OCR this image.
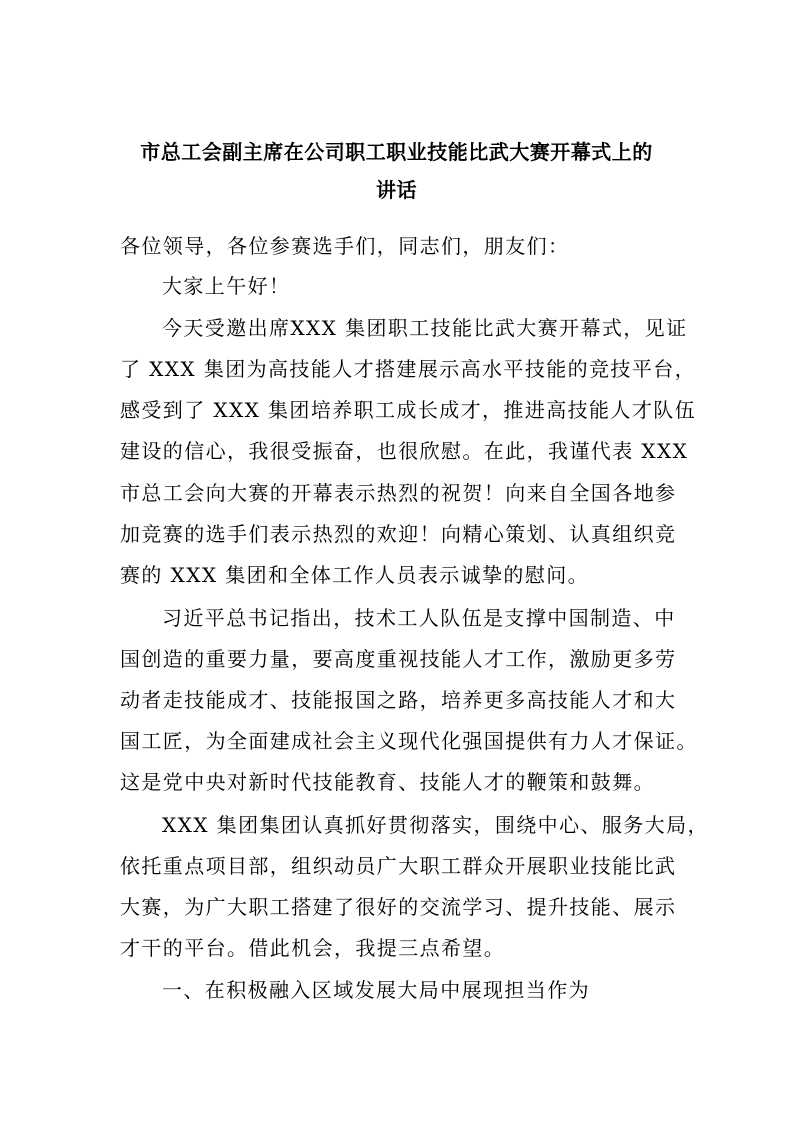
市总工会副主席在公司职工职业技能比武大赛开幕式上的
讲话
各位领导，各位参赛选手们，同志们，朋友们：
大家上午好！
今天受邀出席XXX 集团职工技能比武大赛开幕式，见证
了 XXX 集团为高技能人才搭建展示高水平技能的竞技平台，
感受到了 XXX 集团培养职工成长成才，推进高技能人才队伍
建设的信心，我很受振奋，也很欣慰。在此，我谨代表 XXX
市总工会向大赛的开幕表示热烈的祝贺！向来自全国各地参
加竞赛的选手们表示热烈的欢迎！向精心策划、认真组织竞
赛的 XXX 集团和全体工作人员表示诚挚的慰问。
习近平总书记指出，技术工人队伍是支撑中国制造、中
国创造的重要力量，要高度重视技能人才工作，激励更多劳
动者走技能成才、技能报国之路，培养更多高技能人才和大
国工匠，为全面建成社会主义现代化强国提供有力人才保证。
这是党中央对新时代技能教育、技能人才的鞭策和鼓舞。
XXX 集团集团认真抓好贯彻落实，围绕中心、服务大局，
依托重点项目部，组织动员广大职工群众开展职业技能比武
大赛，为广大职工搭建了很好的交流学习、提升技能、展示
才干的平台。借此机会，我提三点希望。
一、在积极融入区域发展大局中展现担当作为
